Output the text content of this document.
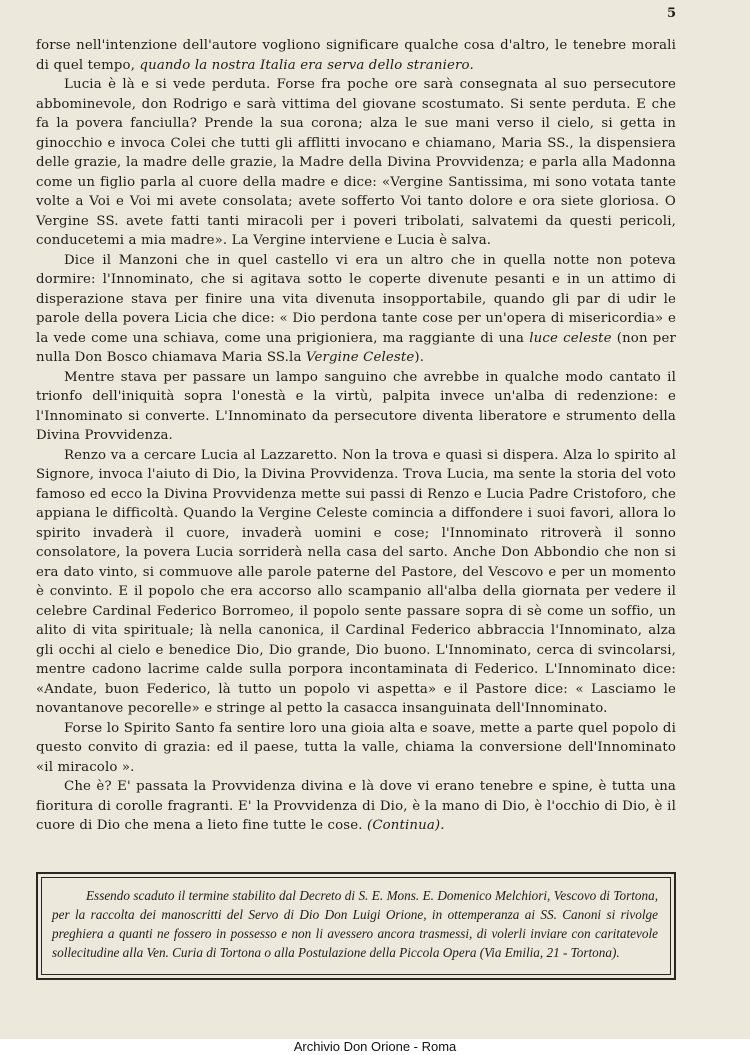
5

forse nell'intenzione dell'autore vogliono significare qualche cosa d'altro, le tenebre morali di quel tempo, quando la nostra Italia era serva dello straniero.

Lucia è là e si vede perduta. Forse fra poche ore sarà consegnata al suo persecutore abbominevole, don Rodrigo e sarà vittima del giovane scostumato. Si sente perduta. E che fa la povera fanciulla? Prende la sua corona; alza le sue mani verso il cielo, si getta in ginocchio e invoca Colei che tutti gli afflitti invocano e chiamano, Maria SS., la dispensiera delle grazie, la madre delle grazie, la Madre della Divina Provvidenza; e parla alla Madonna come un figlio parla al cuore della madre e dice: «Vergine Santissima, mi sono votata tante volte a Voi e Voi mi avete consolata; avete sofferto Voi tanto dolore e ora siete gloriosa. O Vergine SS. avete fatti tanti miracoli per i poveri tribolati, salvatemi da questi pericoli, conducetemi a mia madre». La Vergine interviene e Lucia è salva.

Dice il Manzoni che in quel castello vi era un altro che in quella notte non poteva dormire: l'Innominato, che si agitava sotto le coperte divenute pesanti e in un attimo di disperazione stava per finire una vita divenuta insopportabile, quando gli par di udir le parole della povera Licia che dice: « Dio perdona tante cose per un'opera di misericordia» e la vede come una schiava, come una prigioniera, ma raggiante di una luce celeste (non per nulla Don Bosco chiamava Maria SS.la Vergine Celeste).

Mentre stava per passare un lampo sanguino che avrebbe in qualche modo cantato il trionfo dell'iniquità sopra l'onestà e la virtù, palpita invece un'alba di redenzione: e l'Innominato si converte. L'Innominato da persecutore diventa liberatore e strumento della Divina Provvidenza.

Renzo va a cercare Lucia al Lazzaretto. Non la trova e quasi si dispera. Alza lo spirito al Signore, invoca l'aiuto di Dio, la Divina Provvidenza. Trova Lucia, ma sente la storia del voto famoso ed ecco la Divina Provvidenza mette sui passi di Renzo e Lucia Padre Cristoforo, che appiana le difficoltà. Quando la Vergine Celeste comincia a diffondere i suoi favori, allora lo spirito invaderà il cuore, invaderà uomini e cose; l'Innominato ritroverà il sonno consolatore, la povera Lucia sorriderà nella casa del sarto. Anche Don Abbondio che non si era dato vinto, si commuove alle parole paterne del Pastore, del Vescovo e per un momento è convinto. E il popolo che era accorso allo scampanio all'alba della giornata per vedere il celebre Cardinal Federico Borromeo, il popolo sente passare sopra di sè come un soffio, un alito di vita spirituale; là nella canonica, il Cardinal Federico abbraccia l'Innominato, alza gli occhi al cielo e benedice Dio, Dio grande, Dio buono. L'Innominato, cerca di svincolarsi, mentre cadono lacrime calde sulla porpora incontaminata di Federico. L'Innominato dice: «Andate, buon Federico, là tutto un popolo vi aspetta» e il Pastore dice: « Lasciamo le novantanove pecorelle» e stringe al petto la casacca insanguinata dell'Innominato.

Forse lo Spirito Santo fa sentire loro una gioia alta e soave, mette a parte quel popolo di questo convito di grazia: ed il paese, tutta la valle, chiama la conversione dell'Innominato «il miracolo ».

Che è? E' passata la Provvidenza divina e là dove vi erano tenebre e spine, è tutta una fioritura di corolle fragranti. E' la Provvidenza di Dio, è la mano di Dio, è l'occhio di Dio, è il cuore di Dio che mena a lieto fine tutte le cose. (Continua).

Essendo scaduto il termine stabilito dal Decreto di S. E. Mons. E. Domenico Melchiori, Vescovo di Tortona, per la raccolta dei manoscritti del Servo di Dio Don Luigi Orione, in ottemperanza ai SS. Canoni si rivolge preghiera a quanti ne fossero in possesso e non li avessero ancora trasmessi, di volerli inviare con caritatevole sollecitudine alla Ven. Curia di Tortona o alla Postulazione della Piccola Opera (Via Emilia, 21 - Tortona).
Archivio Don Orione - Roma
